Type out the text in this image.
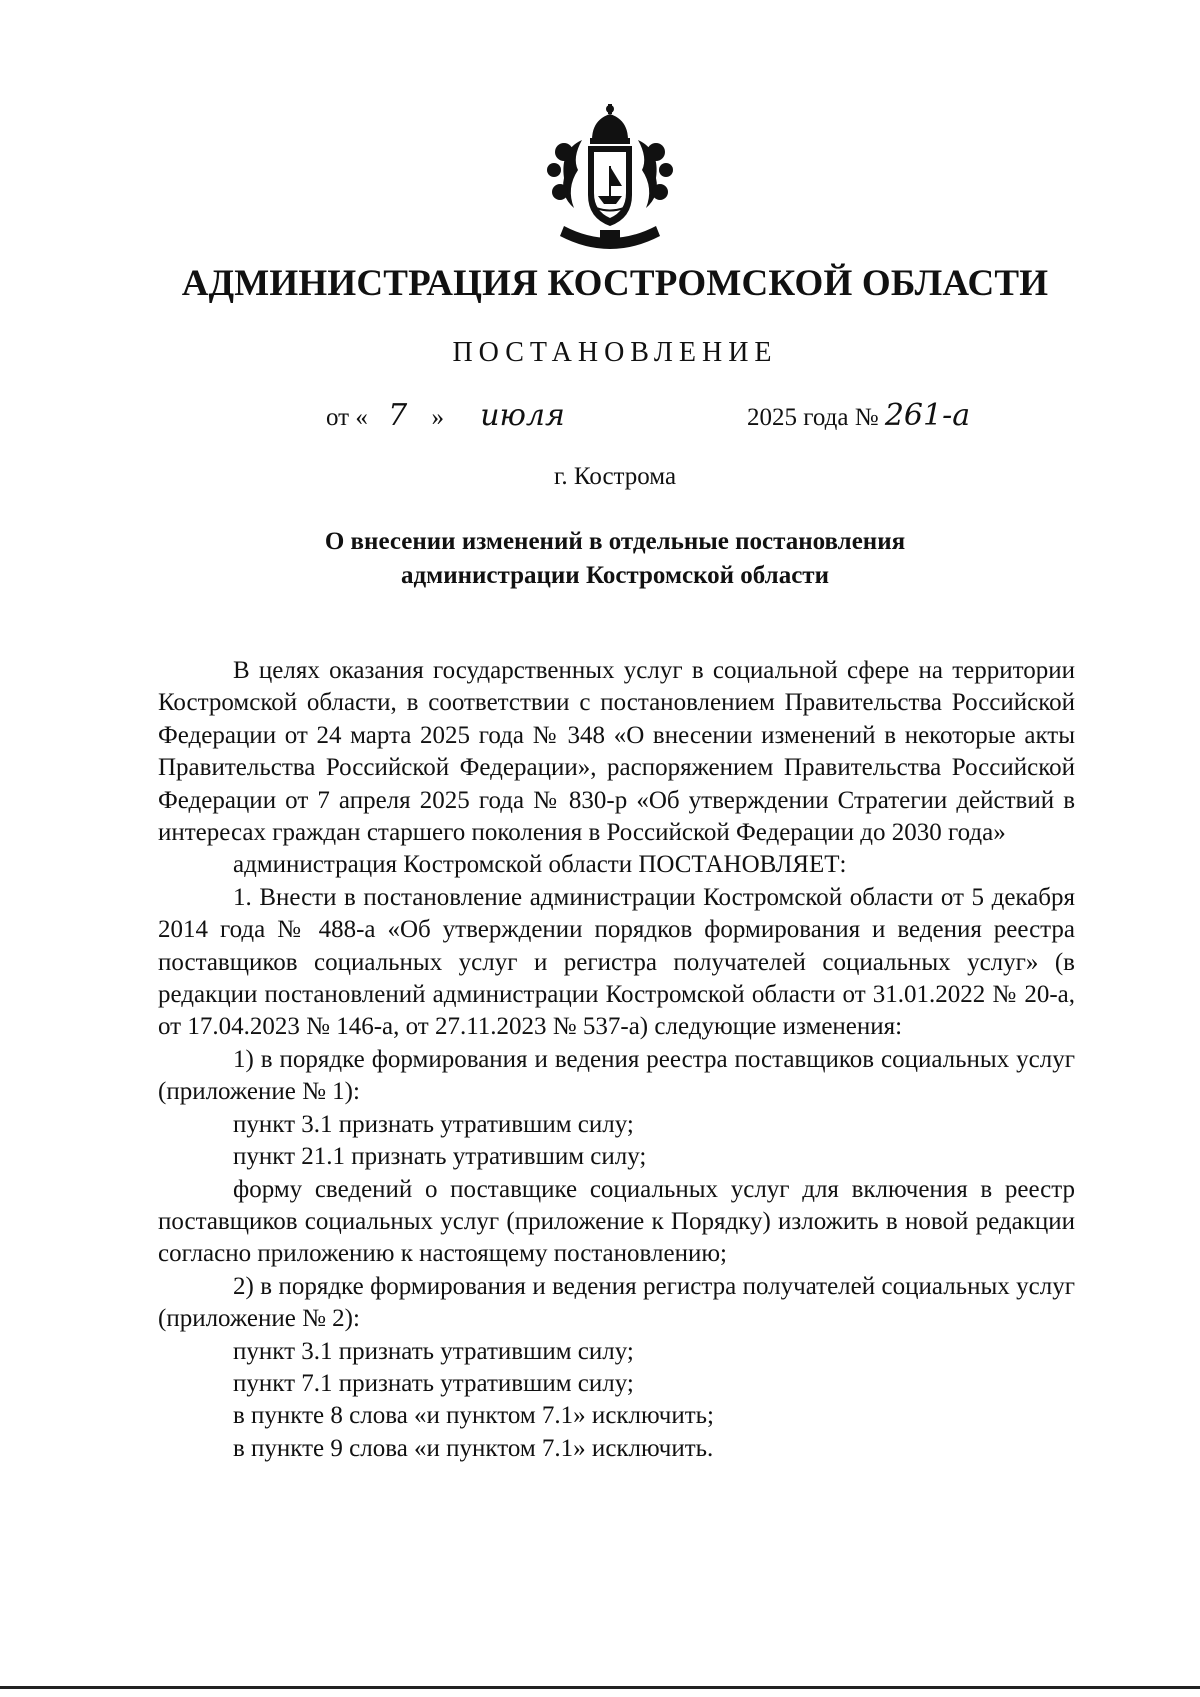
АДМИНИСТРАЦИЯ КОСТРОМСКОЙ ОБЛАСТИ
ПОСТАНОВЛЕНИЕ
от « 7 » июля	2025 года № 261-а
г. Кострома
О внесении изменений в отдельные постановления
администрации Костромской области

В целях оказания государственных услуг в социальной сфере на территории Костромской области, в соответствии с постановлением Правительства Российской Федерации от 24 марта 2025 года № 348 «О внесении изменений в некоторые акты Правительства Российской Федерации», распоряжением Правительства Российской Федерации от 7 апреля 2025 года № 830-р «Об утверждении Стратегии действий в интересах граждан старшего поколения в Российской Федерации до 2030 года»

администрация Костромской области ПОСТАНОВЛЯЕТ:

1. Внести в постановление администрации Костромской области от 5 декабря 2014 года № 488-а «Об утверждении порядков формирования и ведения реестра поставщиков социальных услуг и регистра получателей социальных услуг» (в редакции постановлений администрации Костромской области от 31.01.2022 № 20-а, от 17.04.2023 № 146-а, от 27.11.2023 № 537-а) следующие изменения:

1) в порядке формирования и ведения реестра поставщиков социальных услуг (приложение № 1):

пункт 3.1 признать утратившим силу;

пункт 21.1 признать утратившим силу;

форму сведений о поставщике социальных услуг для включения в реестр поставщиков социальных услуг (приложение к Порядку) изложить в новой редакции согласно приложению к настоящему постановлению;

2) в порядке формирования и ведения регистра получателей социальных услуг (приложение № 2):

пункт 3.1 признать утратившим силу;

пункт 7.1 признать утратившим силу;

в пункте 8 слова «и пунктом 7.1» исключить;

в пункте 9 слова «и пунктом 7.1» исключить.
